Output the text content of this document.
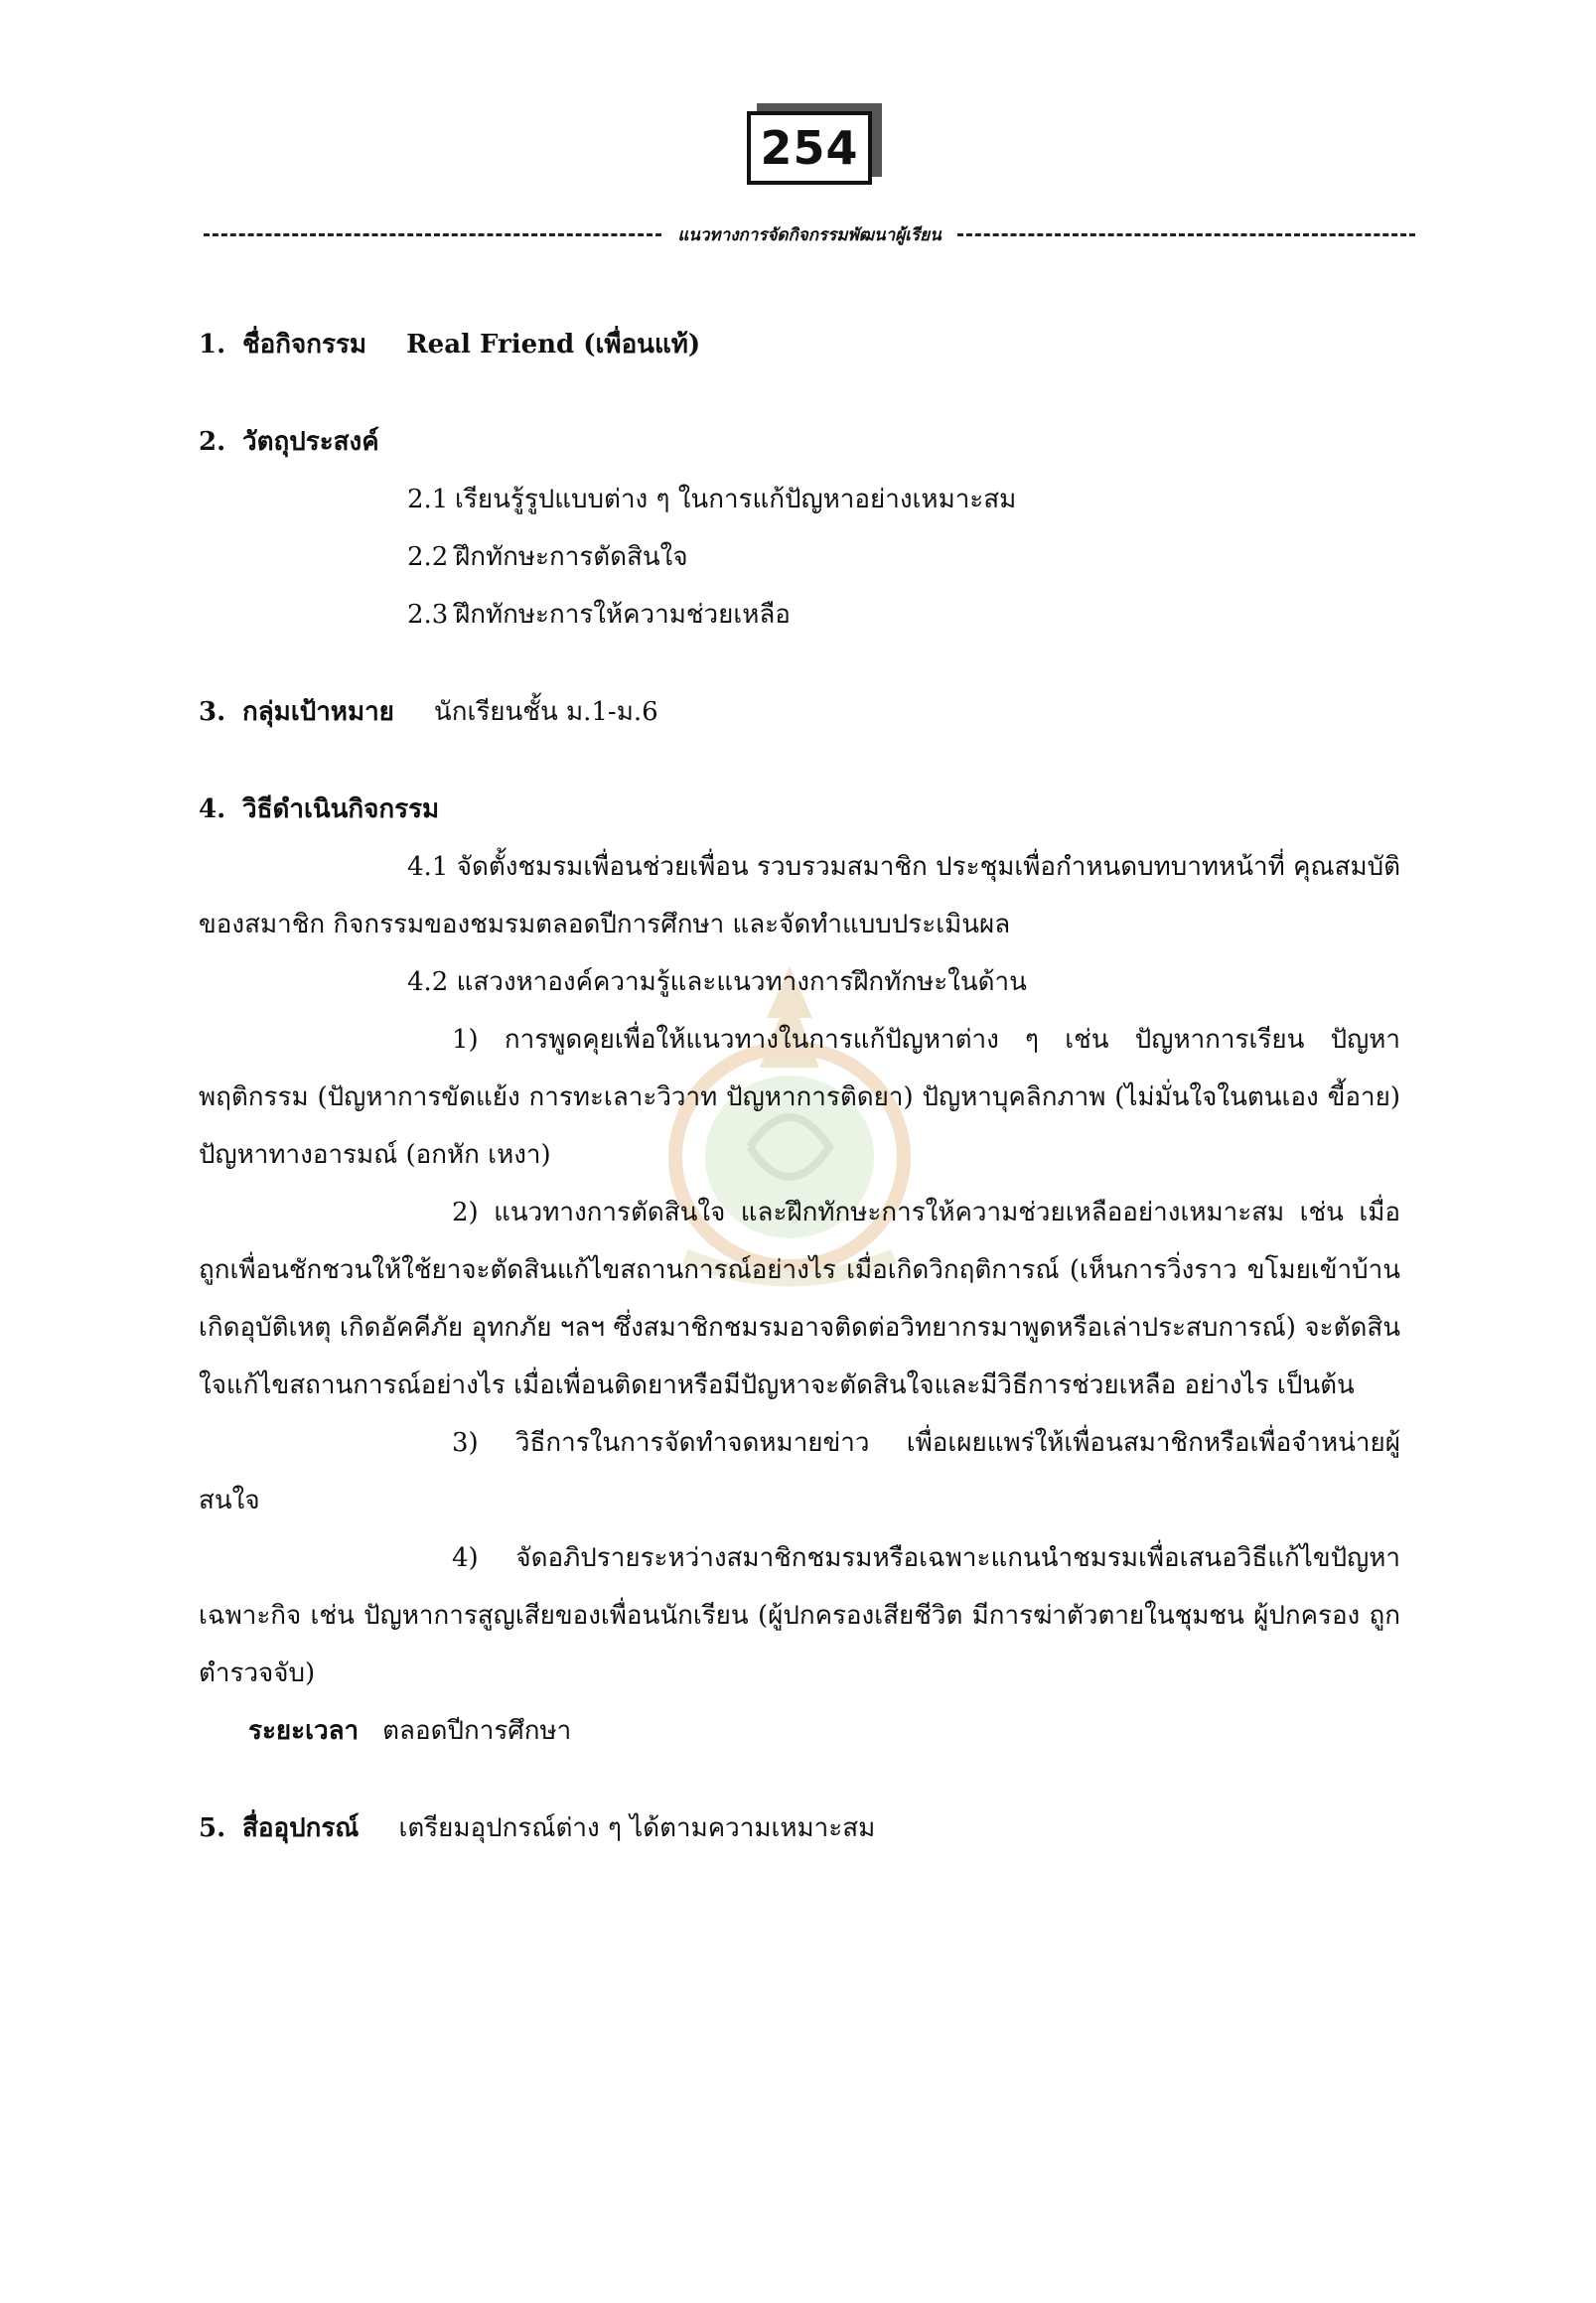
254
แนวทางการจัดกิจกรรมพัฒนาผู้เรียน

1. ชื่อกิจกรรม Real Friend (เพื่อนแท้)

2. วัตถุประสงค์

2.1 เรียนรู้รูปแบบต่าง ๆ ในการแก้ปัญหาอย่างเหมาะสม

2.2 ฝึกทักษะการตัดสินใจ

2.3 ฝึกทักษะการให้ความช่วยเหลือ

3. กลุ่มเป้าหมาย นักเรียนชั้น ม.1-ม.6

4. วิธีดำเนินกิจกรรม

4.1 จัดตั้งชมรมเพื่อนช่วยเพื่อน รวบรวมสมาชิก ประชุมเพื่อกำหนดบทบาทหน้าที่ คุณสมบัติของสมาชิก กิจกรรมของชมรมตลอดปีการศึกษา และจัดทำแบบประเมินผล

4.2 แสวงหาองค์ความรู้และแนวทางการฝึกทักษะในด้าน

1) การพูดคุยเพื่อให้แนวทางในการแก้ปัญหาต่าง ๆ เช่น ปัญหาการเรียน ปัญหาพฤติกรรม (ปัญหาการขัดแย้ง การทะเลาะวิวาท ปัญหาการติดยา) ปัญหาบุคลิกภาพ (ไม่มั่นใจในตนเอง ขี้อาย) ปัญหาทางอารมณ์ (อกหัก เหงา)

2) แนวทางการตัดสินใจ และฝึกทักษะการให้ความช่วยเหลืออย่างเหมาะสม เช่น เมื่อถูกเพื่อนชักชวนให้ใช้ยาจะตัดสินแก้ไขสถานการณ์อย่างไร เมื่อเกิดวิกฤติการณ์ (เห็นการวิ่งราว ขโมยเข้าบ้าน เกิดอุบัติเหตุ เกิดอัคคีภัย อุทกภัย ฯลฯ ซึ่งสมาชิกชมรมอาจติดต่อวิทยากรมาพูดหรือเล่าประสบการณ์) จะตัดสินใจแก้ไขสถานการณ์อย่างไร เมื่อเพื่อนติดยาหรือมีปัญหาจะตัดสินใจและมีวิธีการช่วยเหลือ อย่างไร เป็นต้น

3) วิธีการในการจัดทำจดหมายข่าว เพื่อเผยแพร่ให้เพื่อนสมาชิกหรือเพื่อจำหน่ายผู้สนใจ

4) จัดอภิปรายระหว่างสมาชิกชมรมหรือเฉพาะแกนนำชมรมเพื่อเสนอวิธีแก้ไขปัญหาเฉพาะกิจ เช่น ปัญหาการสูญเสียของเพื่อนนักเรียน (ผู้ปกครองเสียชีวิต มีการฆ่าตัวตายในชุมชน ผู้ปกครอง ถูกตำรวจจับ)

ระยะเวลา ตลอดปีการศึกษา

5. สื่ออุปกรณ์ เตรียมอุปกรณ์ต่าง ๆ ได้ตามความเหมาะสม
